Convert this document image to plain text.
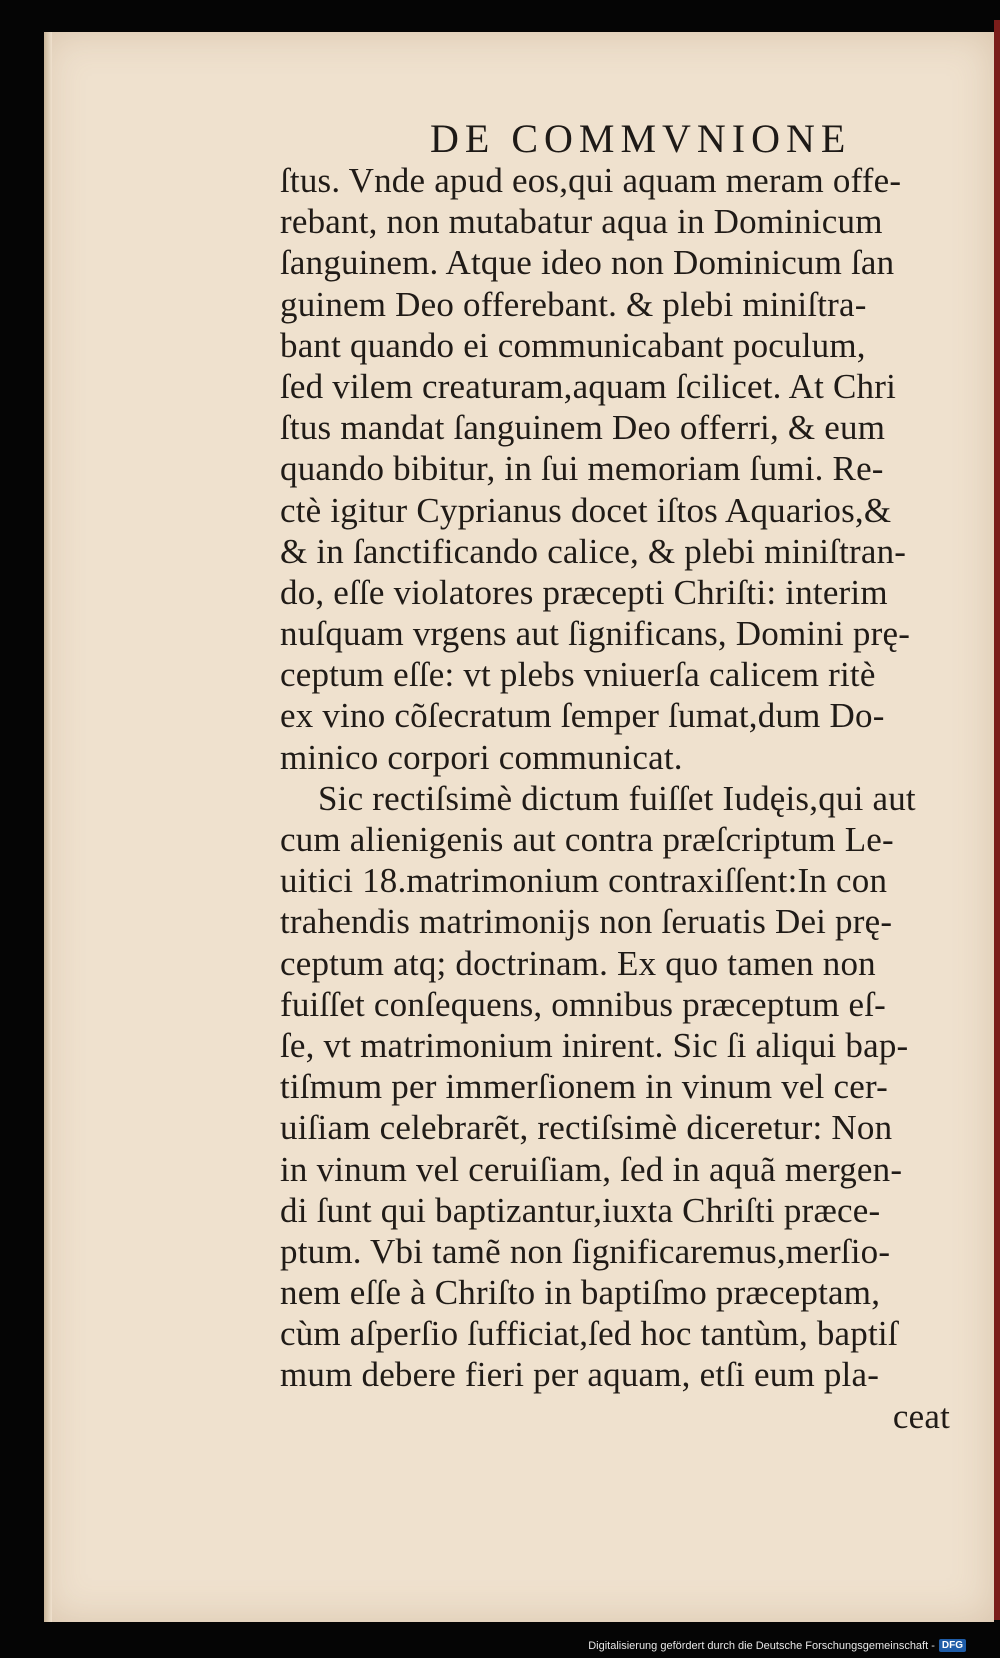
DE COMMVNIONE
ſtus. Vnde apud eos,qui aquam meram offe-
rebant, non mutabatur aqua in Dominicum
ſanguinem. Atque ideo non Dominicum ſan
guinem Deo offerebant. & plebi miniſtra-
bant quando ei communicabant poculum,
ſed vilem creaturam,aquam ſcilicet. At Chri
ſtus mandat ſanguinem Deo offerri, & eum
quando bibitur, in ſui memoriam ſumi. Re-
ctè igitur Cyprianus docet iſtos Aquarios,&
& in ſanctificando calice, & plebi miniſtran-
do, eſſe violatores præcepti Chriſti: interim
nuſquam vrgens aut ſignificans, Domini prę-
ceptum eſſe: vt plebs vniuerſa calicem ritè
ex vino cõſecratum ſemper ſumat,dum Do-
minico corpori communicat.
Sic rectiſsimè dictum fuiſſet Iudęis,qui aut
cum alienigenis aut contra præſcriptum Le-
uitici 18.matrimonium contraxiſſent:In con
trahendis matrimonijs non ſeruatis Dei prę-
ceptum atq; doctrinam. Ex quo tamen non
fuiſſet conſequens, omnibus præceptum eſ-
ſe, vt matrimonium inirent. Sic ſi aliqui bap-
tiſmum per immerſionem in vinum vel cer-
uiſiam celebrarẽt, rectiſsimè diceretur: Non
in vinum vel ceruiſiam, ſed in aquã mergen-
di ſunt qui baptizantur,iuxta Chriſti præce-
ptum. Vbi tamẽ non ſignificaremus,merſio-
nem eſſe à Chriſto in baptiſmo præceptam,
cùm aſperſio ſufficiat,ſed hoc tantùm, baptiſ
mum debere fieri per aquam, etſi eum pla-
ceat
Digitalisierung gefördert durch die Deutsche Forschungsgemeinschaft - DFG
